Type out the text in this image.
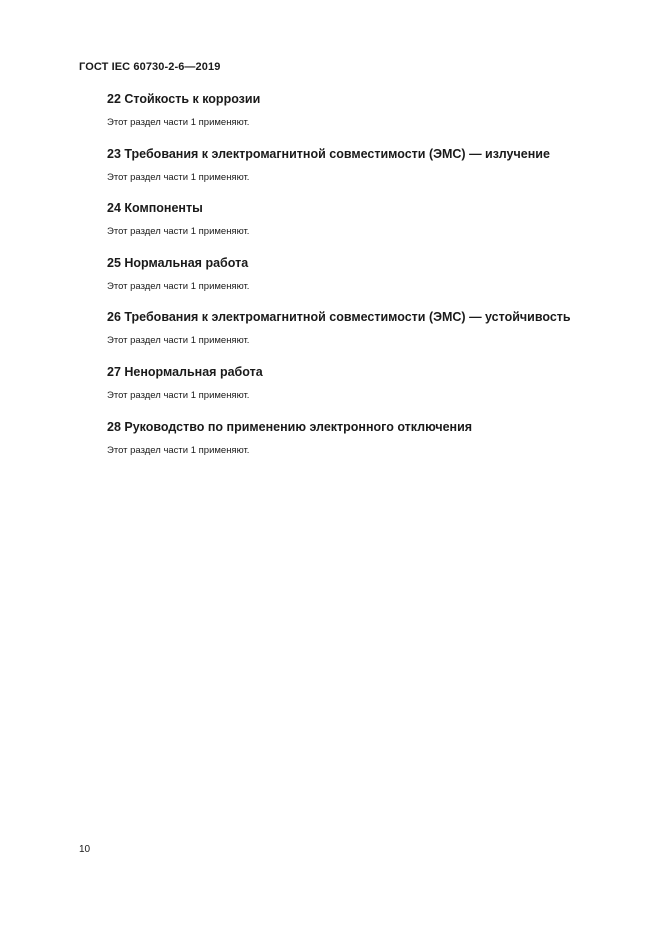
ГОСТ IEC 60730-2-6—2019
22 Стойкость к коррозии
Этот раздел части 1 применяют.
23 Требования к электромагнитной совместимости (ЭМС) — излучение
Этот раздел части 1 применяют.
24 Компоненты
Этот раздел части 1 применяют.
25 Нормальная работа
Этот раздел части 1 применяют.
26 Требования к электромагнитной совместимости (ЭМС) — устойчивость
Этот раздел части 1 применяют.
27 Ненормальная работа
Этот раздел части 1 применяют.
28 Руководство по применению электронного отключения
Этот раздел части 1 применяют.
10
